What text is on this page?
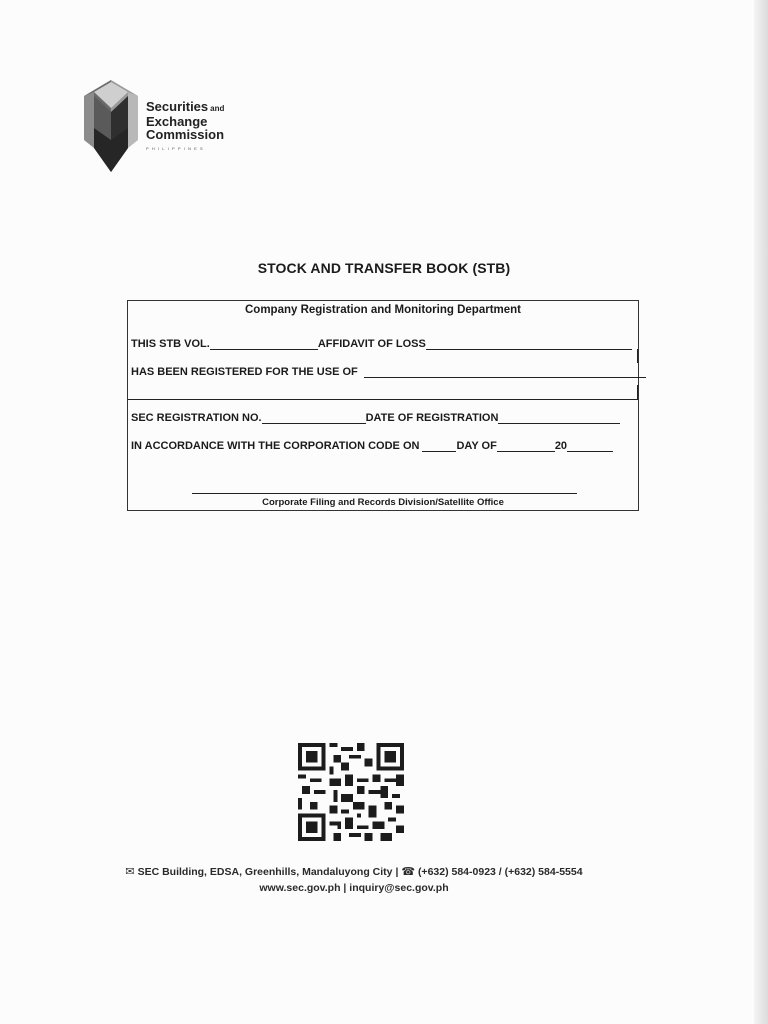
Securities and
Exchange
Commission
PHILIPPINES
STOCK AND TRANSFER BOOK (STB)
Company Registration and Monitoring Department
THIS STB VOL.	AFFIDAVIT OF LOSS
HAS BEEN REGISTERED FOR THE USE OF
SEC REGISTRATION NO.	DATE OF REGISTRATION
IN ACCORDANCE WITH THE CORPORATION CODE ON	DAY OF	20
Corporate Filing and Records Division/Satellite Office
✉ SEC Building, EDSA, Greenhills, Mandaluyong City | ☎ (+632) 584-0923 / (+632) 584-5554
www.sec.gov.ph | inquiry@sec.gov.ph
